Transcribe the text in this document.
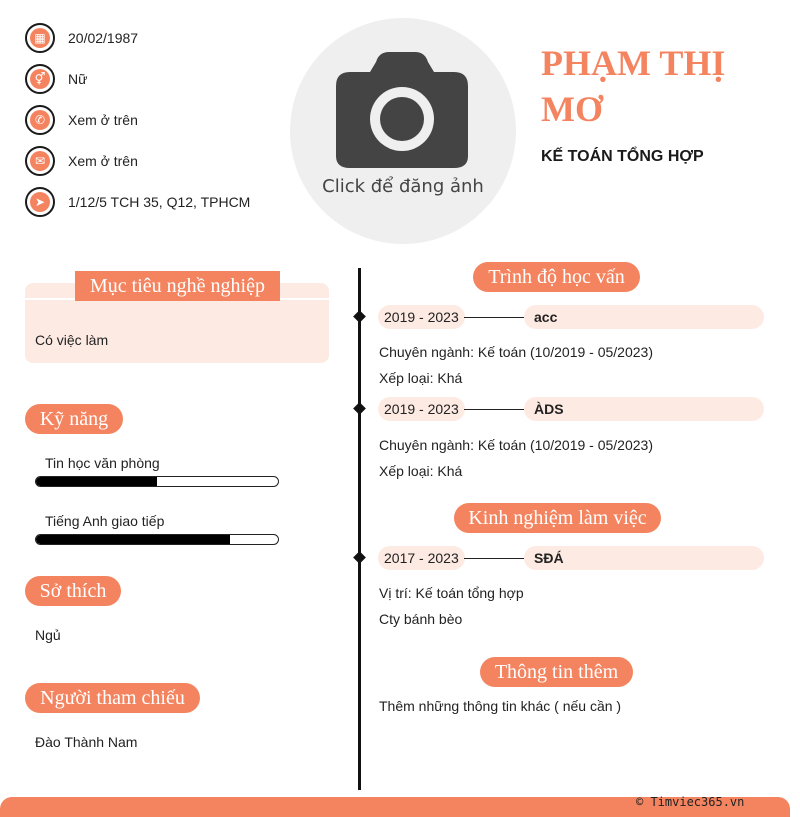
▦	20/02/1987
⚥	Nữ
✆	Xem ở trên
✉	Xem ở trên
➤	1/12/5 TCH 35, Q12, TPHCM
Click để đăng ảnh
PHẠM THỊ MƠ
KẾ TOÁN TỔNG HỢP
Mục tiêu nghề nghiệp
Có việc làm
Kỹ năng
Tin học văn phòng
Tiếng Anh giao tiếp
Sở thích
Ngủ
Người tham chiếu
Đào Thành Nam
Trình độ học vấn
2019 - 2023	acc
Chuyên ngành: Kế toán (10/2019 - 05/2023)
Xếp loại: Khá
2019 - 2023	ÀDS
Chuyên ngành: Kế toán (10/2019 - 05/2023)
Xếp loại: Khá
Kinh nghiệm làm việc
2017 - 2023	SĐÁ
Vị trí: Kế toán tổng hợp
Cty bánh bèo
Thông tin thêm
Thêm những thông tin khác ( nếu cần )
© Timviec365.vn
